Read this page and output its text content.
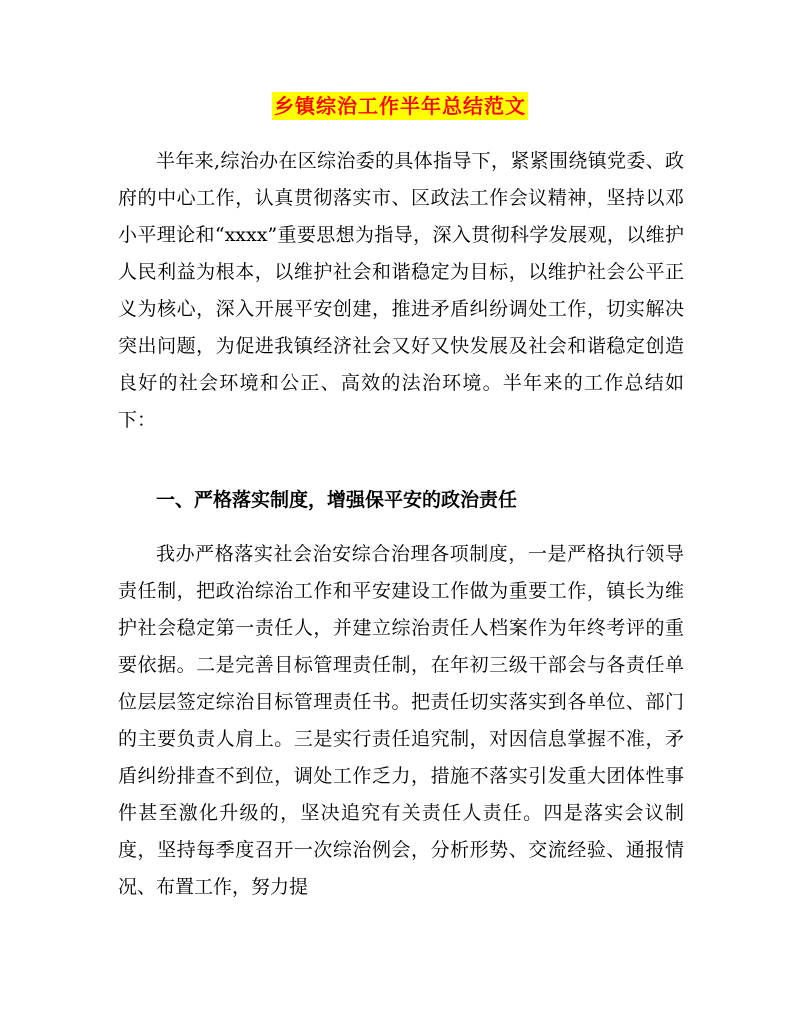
乡镇综治工作半年总结范文

半年来,综治办在区综治委的具体指导下，紧紧围绕镇党委、政府的中心工作，认真贯彻落实市、区政法工作会议精神，坚持以邓小平理论和“xxxx”重要思想为指导，深入贯彻科学发展观，以维护人民利益为根本，以维护社会和谐稳定为目标，以维护社会公平正义为核心，深入开展平安创建，推进矛盾纠纷调处工作，切实解决突出问题，为促进我镇经济社会又好又快发展及社会和谐稳定创造良好的社会环境和公正、高效的法治环境。半年来的工作总结如下：

一、严格落实制度，增强保平安的政治责任

我办严格落实社会治安综合治理各项制度，一是严格执行领导责任制，把政治综治工作和平安建设工作做为重要工作，镇长为维护社会稳定第一责任人，并建立综治责任人档案作为年终考评的重要依据。二是完善目标管理责任制，在年初三级干部会与各责任单位层层签定综治目标管理责任书。把责任切实落实到各单位、部门的主要负责人肩上。三是实行责任追究制，对因信息掌握不准，矛盾纠纷排查不到位，调处工作乏力，措施不落实引发重大团体性事件甚至激化升级的，坚决追究有关责任人责任。四是落实会议制度，坚持每季度召开一次综治例会，分析形势、交流经验、通报情况、布置工作，努力提
